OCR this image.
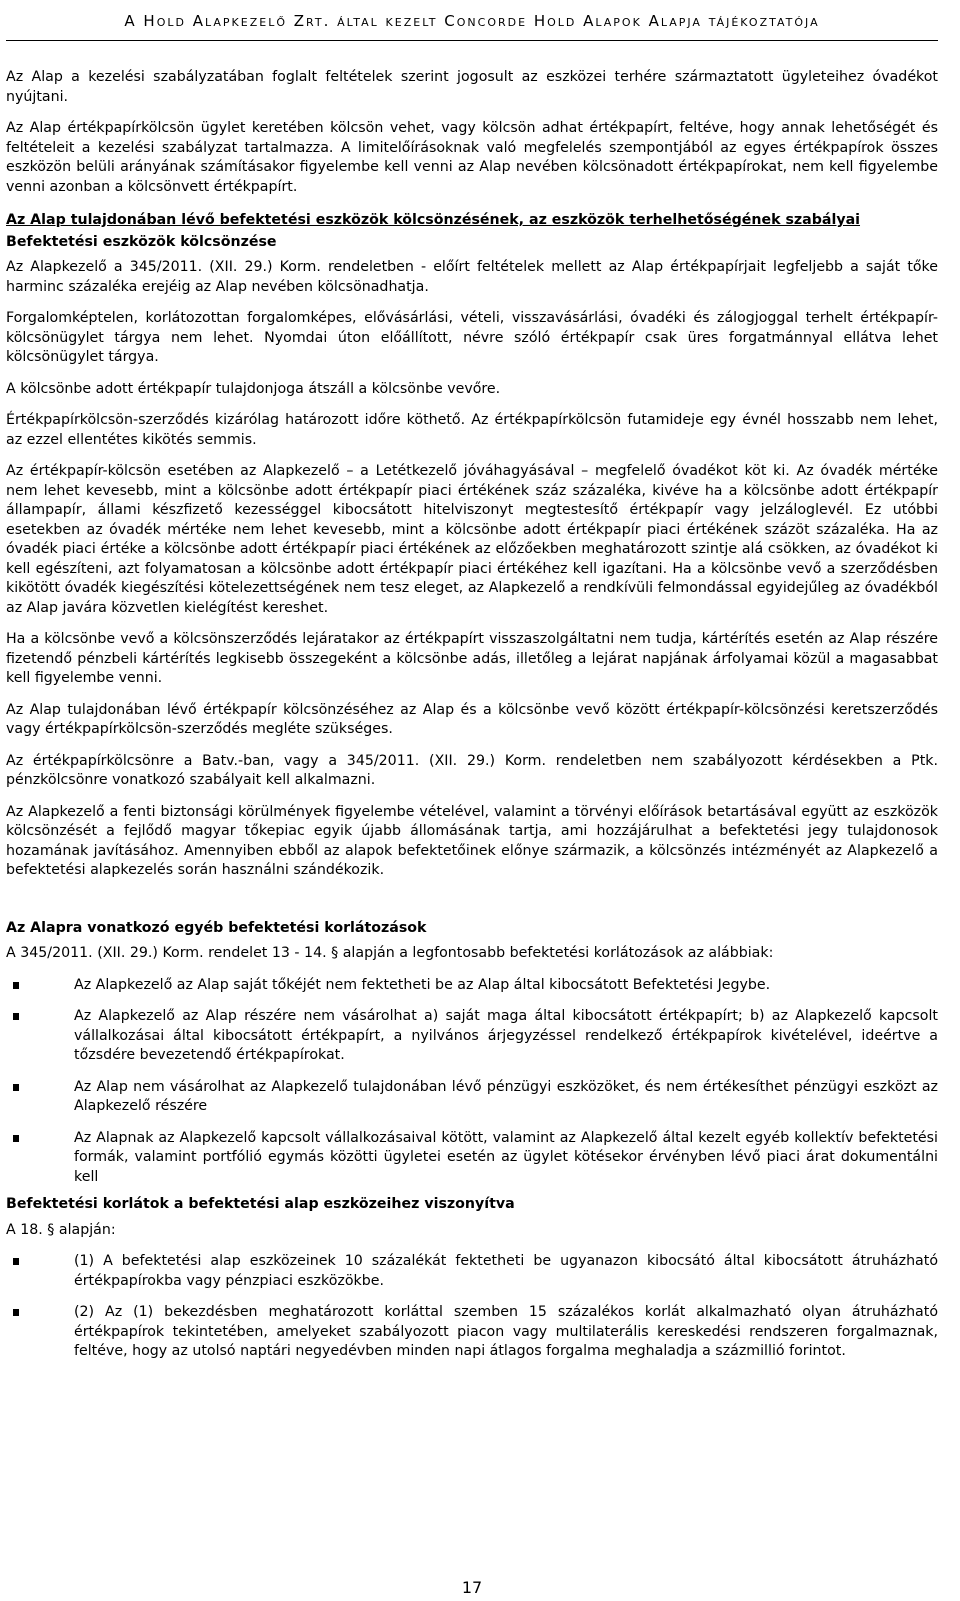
A Hold Alapkezelő Zrt. által kezelt Concorde Hold Alapok Alapja tájékoztatója

Az Alap a kezelési szabályzatában foglalt feltételek szerint jogosult az eszközei terhére származtatott ügyleteihez óvadékot nyújtani.

Az Alap értékpapírkölcsön ügylet keretében kölcsön vehet, vagy kölcsön adhat értékpapírt, feltéve, hogy annak lehetőségét és feltételeit a kezelési szabályzat tartalmazza. A limitelőírásoknak való megfelelés szempontjából az egyes értékpapírok összes eszközön belüli arányának számításakor figyelembe kell venni az Alap nevében kölcsönadott értékpapírokat, nem kell figyelembe venni azonban a kölcsönvett értékpapírt.

Az Alap tulajdonában lévő befektetési eszközök kölcsönzésének, az eszközök terhelhetőségének szabályai
Befektetési eszközök kölcsönzése

Az Alapkezelő a 345/2011. (XII. 29.) Korm. rendeletben - előírt feltételek mellett az Alap értékpapírjait legfeljebb a saját tőke harminc százaléka erejéig az Alap nevében kölcsönadhatja.

Forgalomképtelen, korlátozottan forgalomképes, elővásárlási, vételi, visszavásárlási, óvadéki és zálogjoggal terhelt értékpapír-kölcsönügylet tárgya nem lehet. Nyomdai úton előállított, névre szóló értékpapír csak üres forgatmánnyal ellátva lehet kölcsönügylet tárgya.

A kölcsönbe adott értékpapír tulajdonjoga átszáll a kölcsönbe vevőre.

Értékpapírkölcsön-szerződés kizárólag határozott időre köthető. Az értékpapírkölcsön futamideje egy évnél hosszabb nem lehet, az ezzel ellentétes kikötés semmis.

Az értékpapír-kölcsön esetében az Alapkezelő – a Letétkezelő jóváhagyásával – megfelelő óvadékot köt ki. Az óvadék mértéke nem lehet kevesebb, mint a kölcsönbe adott értékpapír piaci értékének száz százaléka, kivéve ha a kölcsönbe adott értékpapír állampapír, állami készfizető kezességgel kibocsátott hitelviszonyt megtestesítő értékpapír vagy jelzáloglevél. Ez utóbbi esetekben az óvadék mértéke nem lehet kevesebb, mint a kölcsönbe adott értékpapír piaci értékének százöt százaléka. Ha az óvadék piaci értéke a kölcsönbe adott értékpapír piaci értékének az előzőekben meghatározott szintje alá csökken, az óvadékot ki kell egészíteni, azt folyamatosan a kölcsönbe adott értékpapír piaci értékéhez kell igazítani. Ha a kölcsönbe vevő a szerződésben kikötött óvadék kiegészítési kötelezettségének nem tesz eleget, az Alapkezelő a rendkívüli felmondással egyidejűleg az óvadékból az Alap javára közvetlen kielégítést kereshet.

Ha a kölcsönbe vevő a kölcsönszerződés lejáratakor az értékpapírt visszaszolgáltatni nem tudja, kártérítés esetén az Alap részére fizetendő pénzbeli kártérítés legkisebb összegeként a kölcsönbe adás, illetőleg a lejárat napjának árfolyamai közül a magasabbat kell figyelembe venni.

Az Alap tulajdonában lévő értékpapír kölcsönzéséhez az Alap és a kölcsönbe vevő között értékpapír-kölcsönzési keretszerződés vagy értékpapírkölcsön-szerződés megléte szükséges.

Az értékpapírkölcsönre a Batv.-ban, vagy a 345/2011. (XII. 29.) Korm. rendeletben nem szabályozott kérdésekben a Ptk. pénzkölcsönre vonatkozó szabályait kell alkalmazni.

Az Alapkezelő a fenti biztonsági körülmények figyelembe vételével, valamint a törvényi előírások betartásával együtt az eszközök kölcsönzését a fejlődő magyar tőkepiac egyik újabb állomásának tartja, ami hozzájárulhat a befektetési jegy tulajdonosok hozamának javításához. Amennyiben ebből az alapok befektetőinek előnye származik, a kölcsönzés intézményét az Alapkezelő a befektetési alapkezelés során használni szándékozik.

Az Alapra vonatkozó egyéb befektetési korlátozások

A 345/2011. (XII. 29.) Korm. rendelet 13 - 14. § alapján a legfontosabb befektetési korlátozások az alábbiak:

Az Alapkezelő az Alap saját tőkéjét nem fektetheti be az Alap által kibocsátott Befektetési Jegybe.
Az Alapkezelő az Alap részére nem vásárolhat a) saját maga által kibocsátott értékpapírt; b) az Alapkezelő kapcsolt vállalkozásai által kibocsátott értékpapírt, a nyilvános árjegyzéssel rendelkező értékpapírok kivételével, ideértve a tőzsdére bevezetendő értékpapírokat.
Az Alap nem vásárolhat az Alapkezelő tulajdonában lévő pénzügyi eszközöket, és nem értékesíthet pénzügyi eszközt az Alapkezelő részére
Az Alapnak az Alapkezelő kapcsolt vállalkozásaival kötött, valamint az Alapkezelő által kezelt egyéb kollektív befektetési formák, valamint portfólió egymás közötti ügyletei esetén az ügylet kötésekor érvényben lévő piaci árat dokumentálni kell
Befektetési korlátok a befektetési alap eszközeihez viszonyítva

A 18. § alapján:

(1) A befektetési alap eszközeinek 10 százalékát fektetheti be ugyanazon kibocsátó által kibocsátott átruházható értékpapírokba vagy pénzpiaci eszközökbe.
(2) Az (1) bekezdésben meghatározott korláttal szemben 15 százalékos korlát alkalmazható olyan átruházható értékpapírok tekintetében, amelyeket szabályozott piacon vagy multilaterális kereskedési rendszeren forgalmaznak, feltéve, hogy az utolsó naptári negyedévben minden napi átlagos forgalma meghaladja a százmillió forintot.
17
